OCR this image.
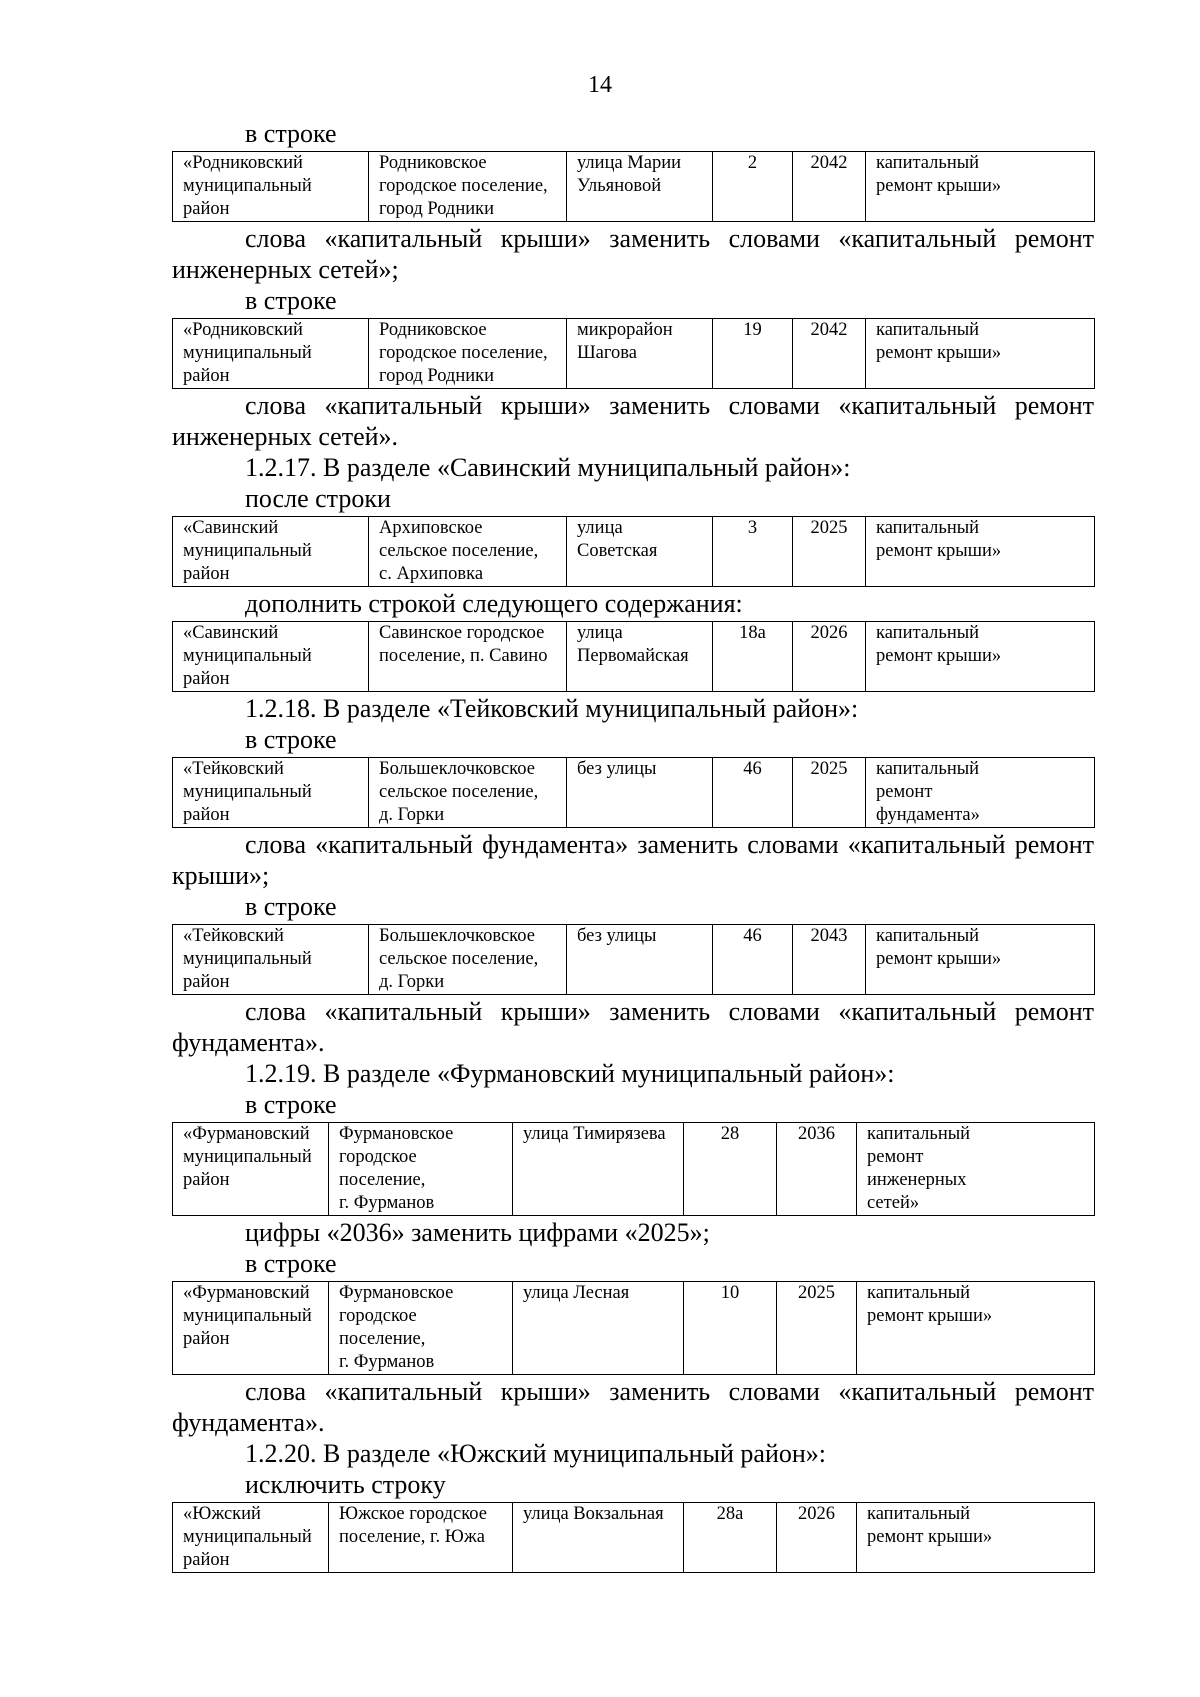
14

в строке

«Родниковский
муниципальный
район

Родниковское
городское поселение,
город Родники

улица Марии
Ульяновой

2	2042	капитальный
ремонт крыши»

слова «капитальный крыши» заменить словами «капитальный ремонт инженерных сетей»;

в строке

«Родниковский
муниципальный
район

Родниковское
городское поселение,
город Родники

микрорайон
Шагова

19	2042	капитальный
ремонт крыши»

слова «капитальный крыши» заменить словами «капитальный ремонт инженерных сетей».

1.2.17. В разделе «Савинский муниципальный район»:

после строки

«Савинский
муниципальный
район

Архиповское
сельское поселение,
с. Архиповка

улица
Советская

3	2025	капитальный
ремонт крыши»

дополнить строкой следующего содержания:

«Савинский
муниципальный
район

Савинское городское
поселение, п. Савино

улица
Первомайская

18а	2026	капитальный
ремонт крыши»

1.2.18. В разделе «Тейковский муниципальный район»:

в строке

«Тейковский
муниципальный
район

Большеклочковское
сельское поселение,
д. Горки

без улицы	46	2025	капитальный
ремонт
фундамента»

слова «капитальный фундамента» заменить словами «капитальный ремонт крыши»;

в строке

«Тейковский
муниципальный
район

Большеклочковское
сельское поселение,
д. Горки

без улицы	46	2043	капитальный
ремонт крыши»

слова «капитальный крыши» заменить словами «капитальный ремонт фундамента».

1.2.19. В разделе «Фурмановский муниципальный район»:

в строке

«Фурмановский
муниципальный
район

Фурмановское
городское
поселение,
г. Фурманов

улица Тимирязева	28	2036	капитальный
ремонт
инженерных
сетей»

цифры «2036» заменить цифрами «2025»;

в строке

«Фурмановский
муниципальный
район

Фурмановское
городское
поселение,
г. Фурманов

улица Лесная	10	2025	капитальный
ремонт крыши»

слова «капитальный крыши» заменить словами «капитальный ремонт фундамента».

1.2.20. В разделе «Южский муниципальный район»:

исключить строку

«Южский
муниципальный
район

Южское городское
поселение, г. Южа

улица Вокзальная	28а	2026	капитальный
ремонт крыши»
